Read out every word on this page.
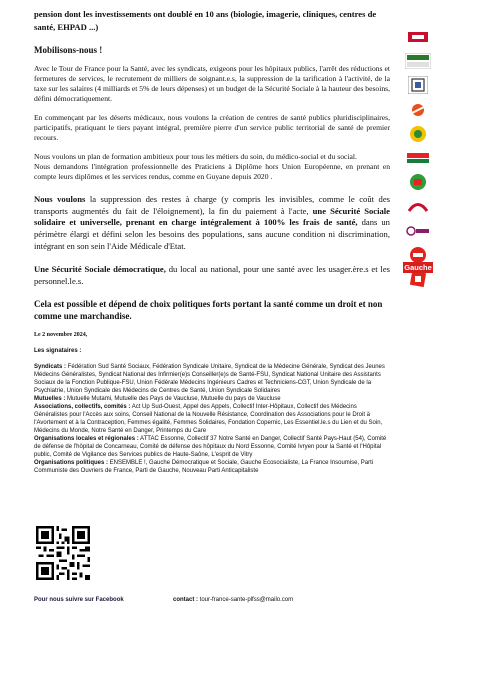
pension dont les investissements ont doublé en 10 ans (biologie, imagerie, cliniques, centres de santé, EHPAD ...)

Mobilisons-nous !

Avec le Tour de France pour la Santé, avec les syndicats, exigeons pour les hôpitaux publics, l'arrêt des réductions et fermetures de services, le recrutement de milliers de soignant.e.s, la suppression de la tarification à l'activité, de la taxe sur les salaires (4 milliards et 5% de leurs dépenses) et un budget de la Sécurité Sociale à la hauteur des besoins, défini démocratiquement.

En commençant par les déserts médicaux, nous voulons la création de centres de santé publics pluridisciplinaires, participatifs, pratiquant le tiers payant intégral, première pierre d'un service public territorial de santé de premier recours.

Nous voulons un plan de formation ambitieux pour tous les métiers du soin, du médico-social et du social.

Nous demandons l'intégration professionnelle des Praticiens à Diplôme hors Union Européenne, en prenant en compte leurs diplômes et les services rendus, comme en Guyane depuis 2020 .

Nous voulons la suppression des restes à charge (y compris les invisibles, comme le coût des transports augmentés du fait de l'éloignement), la fin du paiement à l'acte, une Sécurité Sociale solidaire et universelle, prenant en charge intégralement à 100% les frais de santé, dans un périmètre élargi et défini selon les besoins des populations, sans aucune condition ni discrimination, intégrant en son sein l'Aide Médicale d'Etat.

Une Sécurité Sociale démocratique, du local au national, pour une santé avec les usager.ère.s et les personnel.le.s.

Cela est possible et dépend de choix politiques forts portant la santé comme un droit et non comme une marchandise.

Le 2 novembre 2024,

Les signataires :

Syndicats : Fédération Sud Santé Sociaux, Fédération Syndicale Unitaire, Syndicat de la Médecine Générale, Syndicat des Jeunes Médecins Généralistes, Syndicat National des Infirmier(e)s Conseiller(e)s de Santé-FSU, Syndicat National Unitaire des Assistants Sociaux de la Fonction Publique-FSU, Union Fédérale Médecins Ingénieurs Cadres et Techniciens-CGT, Union Syndicale de la Psychiatrie, Union Syndicale des Médecins de Centres de Santé, Union Syndicale Solidaires

Mutuelles : Mutuelle Mutami, Mutuelle des Pays de Vaucluse, Mutuelle du pays de Vaucluse

Associations, collectifs, comités : Act Up Sud-Ouest, Appel des Appels, Collectif Inter-Hôpitaux, Collectif des Médecins Généralistes pour l'Accès aux soins, Conseil National de la Nouvelle Résistance, Coordination des Associations pour le Droit à l'Avortement et à la Contraception, Femmes égalité, Femmes Solidaires, Fondation Copernic, Les Essentiel.le.s du Lien et du Soin, Médecins du Monde, Notre Santé en Danger, Printemps du Care

Organisations locales et régionales : ATTAC Essonne, Collectif 37 Notre Santé en Danger, Collectif Santé Pays-Haut (54), Comité de défense de l'hôpital de Concarneau, Comité de défense des hôpitaux du Nord Essonne, Comité Ivryen pour la Santé et l'Hôpital public, Comité de Vigilance des Services publics de Haute-Saône, L'esprit de Vitry

Organisations politiques : ENSEMBLE !, Gauche Démocratique et Sociale, Gauche Ecosocialiste, La France Insoumise, Parti Communiste des Ouvriers de France, Parti de Gauche, Nouveau Parti Anticapitaliste

Pour nous suivre sur Facebook	contact : tour-france-sante-plfss@mailo.com
Gauche
